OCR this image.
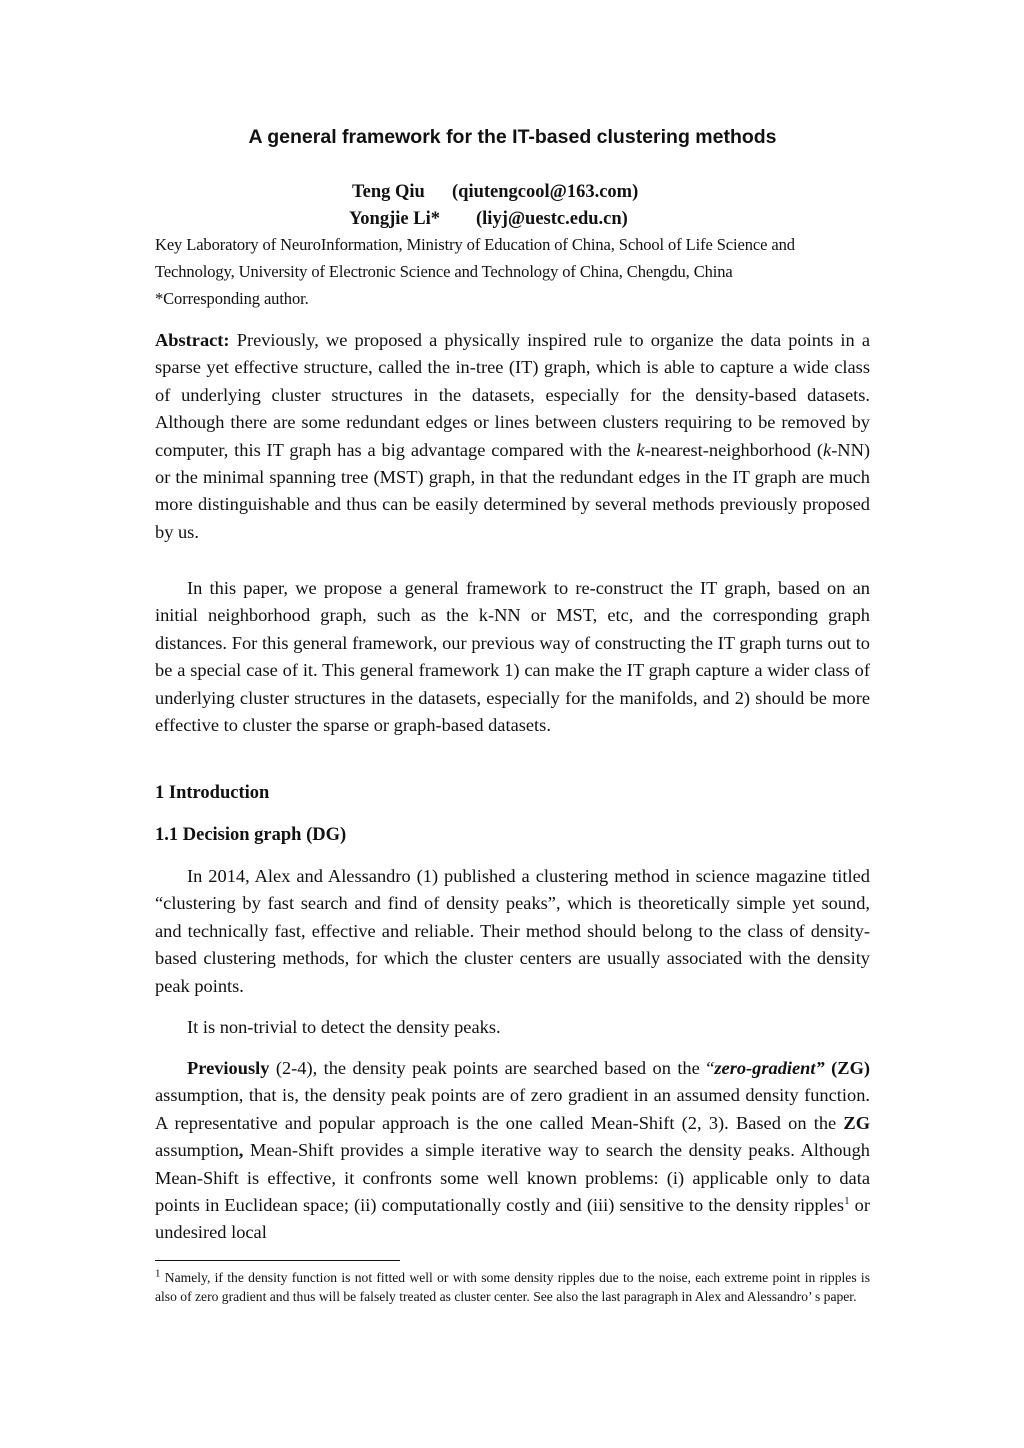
A general framework for the IT-based clustering methods
Teng Qiu (qiutengcool@163.com)
Yongjie Li* (liyj@uestc.edu.cn)
Key Laboratory of NeuroInformation, Ministry of Education of China, School of Life Science and
Technology, University of Electronic Science and Technology of China, Chengdu, China
*Corresponding author.

Abstract: Previously, we proposed a physically inspired rule to organize the data points in a sparse yet effective structure, called the in-tree (IT) graph, which is able to capture a wide class of underlying cluster structures in the datasets, especially for the density-based datasets. Although there are some redundant edges or lines between clusters requiring to be removed by computer, this IT graph has a big advantage compared with the k-nearest-neighborhood (k-NN) or the minimal spanning tree (MST) graph, in that the redundant edges in the IT graph are much more distinguishable and thus can be easily determined by several methods previously proposed by us.

In this paper, we propose a general framework to re-construct the IT graph, based on an initial neighborhood graph, such as the k-NN or MST, etc, and the corresponding graph distances. For this general framework, our previous way of constructing the IT graph turns out to be a special case of it. This general framework 1) can make the IT graph capture a wider class of underlying cluster structures in the datasets, especially for the manifolds, and 2) should be more effective to cluster the sparse or graph-based datasets.

1 Introduction
1.1 Decision graph (DG)

In 2014, Alex and Alessandro (1) published a clustering method in science magazine titled “clustering by fast search and find of density peaks”, which is theoretically simple yet sound, and technically fast, effective and reliable. Their method should belong to the class of density-based clustering methods, for which the cluster centers are usually associated with the density peak points.

It is non-trivial to detect the density peaks.

Previously (2-4), the density peak points are searched based on the “zero-gradient” (ZG) assumption, that is, the density peak points are of zero gradient in an assumed density function. A representative and popular approach is the one called Mean-Shift (2, 3). Based on the ZG assumption, Mean-Shift provides a simple iterative way to search the density peaks. Although Mean-Shift is effective, it confronts some well known problems: (i) applicable only to data points in Euclidean space; (ii) computationally costly and (iii) sensitive to the density ripples$^1$ or undesired local

$^1$ Namely, if the density function is not fitted well or with some density ripples due to the noise, each extreme point in ripples is also of zero gradient and thus will be falsely treated as cluster center. See also the last paragraph in Alex and Alessandro’ s paper.
